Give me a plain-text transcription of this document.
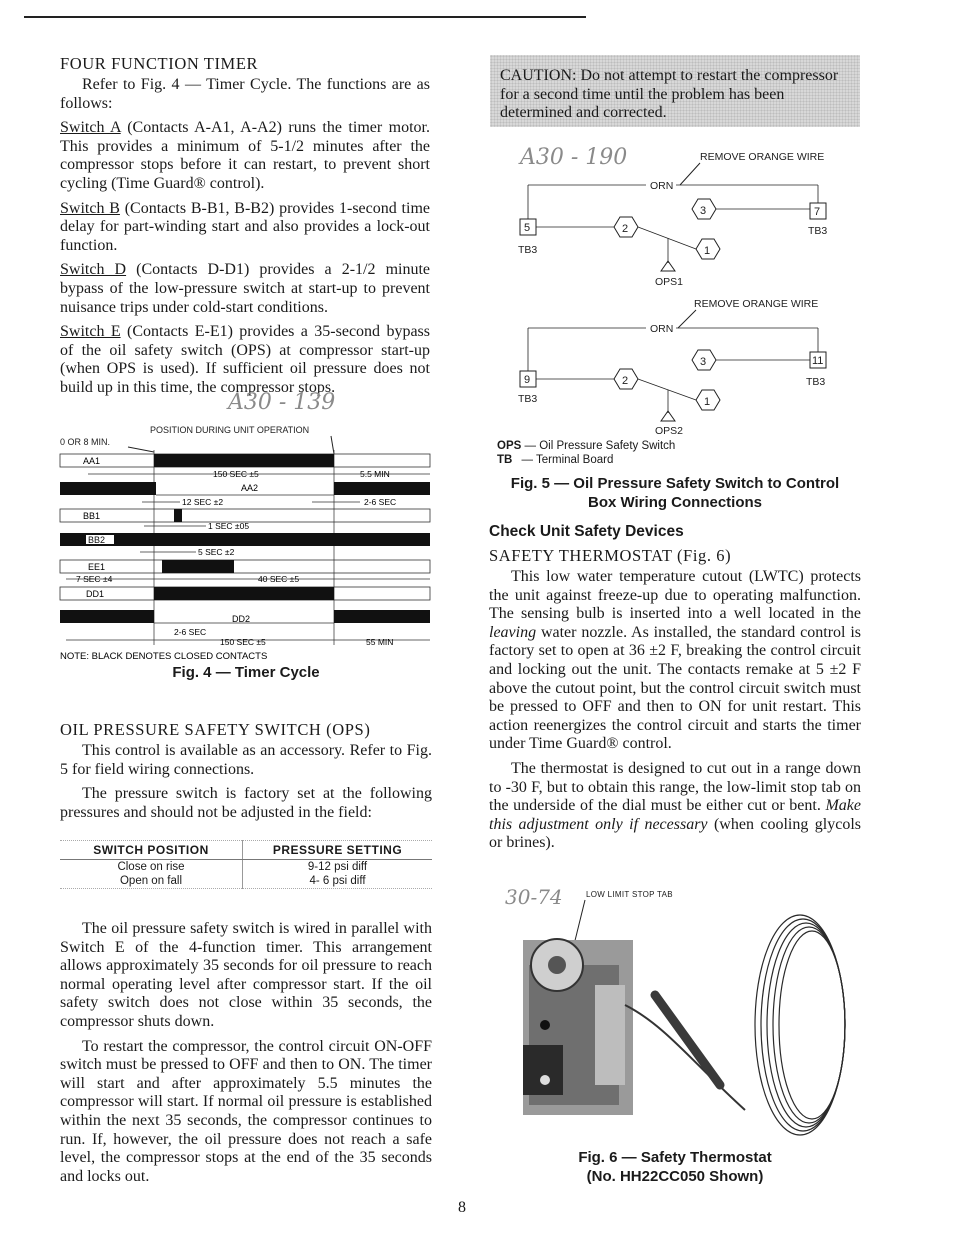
FOUR FUNCTION TIMER

Refer to Fig. 4 — Timer Cycle. The functions are as follows:

Switch A (Contacts A-A1, A-A2) runs the timer motor. This provides a minimum of 5-1/2 minutes after the compressor stops before it can restart, to prevent short cycling (Time Guard® control).

Switch B (Contacts B-B1, B-B2) provides 1-second time delay for part-winding start and also provides a lock-out function.

Switch D (Contacts D-D1) provides a 2-1/2 minute bypass of the low-pressure switch at start-up to prevent nuisance trips under cold-start conditions.

Switch E (Contacts E-E1) provides a 35-second bypass of the oil safety switch (OPS) at compressor start-up (when OPS is used). If sufficient oil pressure does not build up in this time, the compressor stops.

A30 - 139
POSITION DURING UNIT OPERATION
0 OR 8 MIN.
AA1
150 SEC ±5	5.5 MIN
AA2
12 SEC ±2	2-6 SEC
BB1
1 SEC ±05
BB2
5 SEC ±2
EE1
7 SEC ±4	40 SEC ±5
DD1
DD2
2-6 SEC
150 SEC ±5	55 MIN
NOTE: BLACK DENOTES CLOSED CONTACTS
Fig. 4 — Timer Cycle
OIL PRESSURE SAFETY SWITCH (OPS)

This control is available as an accessory. Refer to Fig. 5 for field wiring connections.

The pressure switch is factory set at the following pressures and should not be adjusted in the field:

SWITCH POSITION	PRESSURE SETTING
Close on rise	9-12 psi diff
Open on fall	4- 6 psi diff

The oil pressure safety switch is wired in parallel with Switch E of the 4-function timer. This arrangement allows approximately 35 seconds for oil pressure to reach normal operating level after compressor start. If the oil safety switch does not close within 35 seconds, the compressor shuts down.

To restart the compressor, the control circuit ON-OFF switch must be pressed to OFF and then to ON. The timer will start and after approximately 5.5 minutes the compressor will start. If normal oil pressure is established within the next 35 seconds, the compressor continues to run. If, however, the oil pressure does not reach a safe level, the compressor stops at the end of the 35 seconds and locks out.

CAUTION: Do not attempt to restart the compressor for a second time until the problem has been determined and corrected.
A30 - 190	REMOVE ORANGE WIRE
ORN
5
TB3
7
TB3
2
3
1
OPS1
REMOVE ORANGE WIRE
ORN
9
TB3
11
TB3
2
3
1
OPS2
OPS — Oil Pressure Safety Switch
TB — Terminal Board
Fig. 5 — Oil Pressure Safety Switch to Control
Box Wiring Connections
Check Unit Safety Devices
SAFETY THERMOSTAT (Fig. 6)

This low water temperature cutout (LWTC) protects the unit against freeze-up due to operating malfunction. The sensing bulb is inserted into a well located in the leaving water nozzle. As installed, the standard control is factory set to open at 36 ±2 F, breaking the control circuit and locking out the unit. The contacts remake at 5 ±2 F above the cutout point, but the control circuit switch must be pressed to OFF and then to ON for unit restart. This action reenergizes the control circuit and starts the timer under Time Guard® control.

The thermostat is designed to cut out in a range down to -30 F, but to obtain this range, the low-limit stop tab on the underside of the dial must be either cut or bent. Make this adjustment only if necessary (when cooling glycols or brines).

30-74	LOW LIMIT STOP TAB
Fig. 6 — Safety Thermostat
(No. HH22CC050 Shown)
8
